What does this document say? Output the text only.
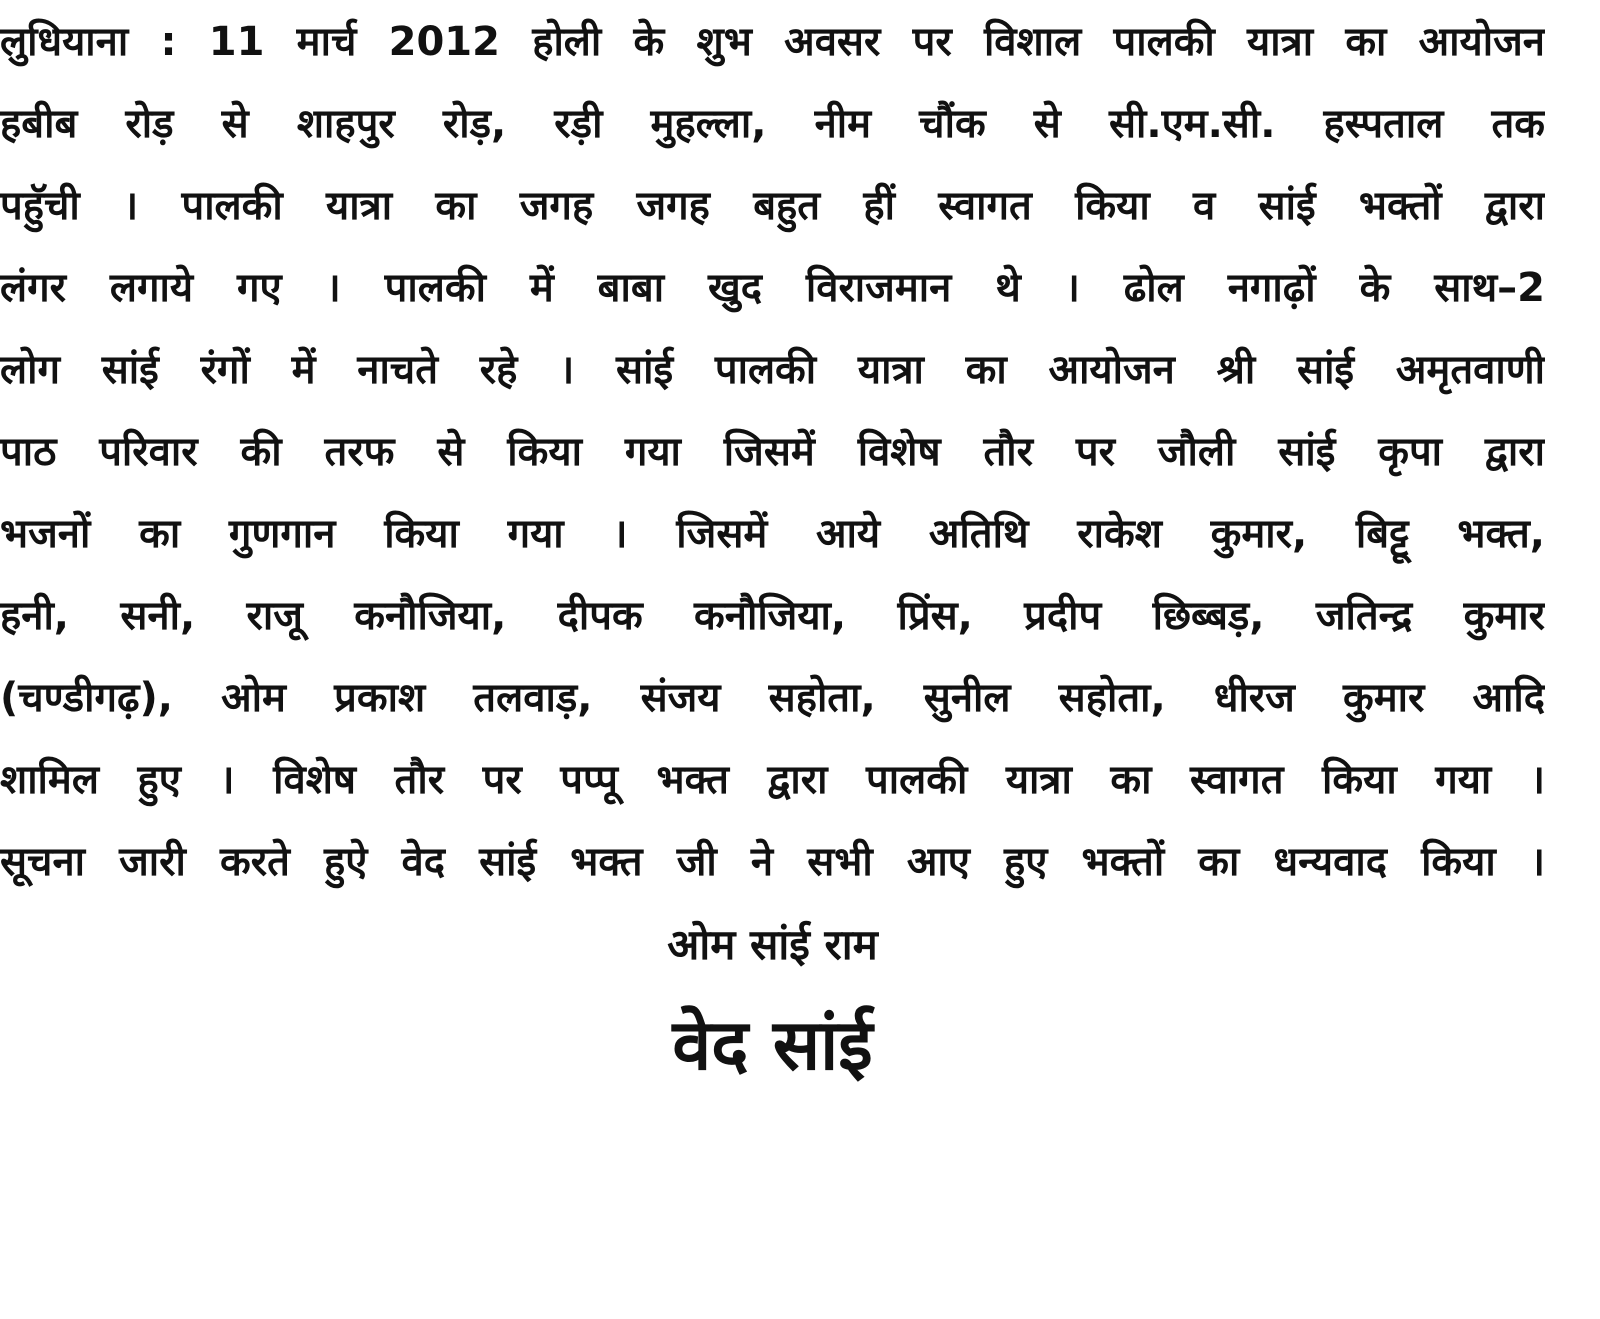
लुधियाना : 11 मार्च 2012 होली के शुभ अवसर पर विशाल पालकी यात्रा का आयोजन
हबीब रोड़ से शाहपुर रोड़, रड़ी मुहल्ला, नीम चौंक से सी.एम.सी. हस्पताल तक
पहुॅची । पालकी यात्रा का जगह जगह बहुत हीं स्वागत किया व सांई भक्तों द्वारा
लंगर लगाये गए । पालकी में बाबा खुद विराजमान थे । ढोल नगाढ़ों के साथ–2
लोग सांई रंगों में नाचते रहे । सांई पालकी यात्रा का आयोजन श्री सांई अमृतवाणी
पाठ परिवार की तरफ से किया गया जिसमें विशेष तौर पर जौली सांई कृपा द्वारा
भजनों का गुणगान किया गया । जिसमें आये अतिथि राकेश कुमार, बिट्टू भक्त,
हनी, सनी, राजू कनौजिया, दीपक कनौजिया, प्रिंस, प्रदीप छिब्बड़, जतिन्द्र कुमार
(चण्डीगढ़), ओम प्रकाश तलवाड़, संजय सहोता, सुनील सहोता, धीरज कुमार आदि
शामिल हुए । विशेष तौर पर पप्पू भक्त द्वारा पालकी यात्रा का स्वागत किया गया ।
सूचना जारी करते हुऐ वेद सांई भक्त जी ने सभी आए हुए भक्तों का धन्यवाद किया ।
ओम सांई राम
वेद सांई
